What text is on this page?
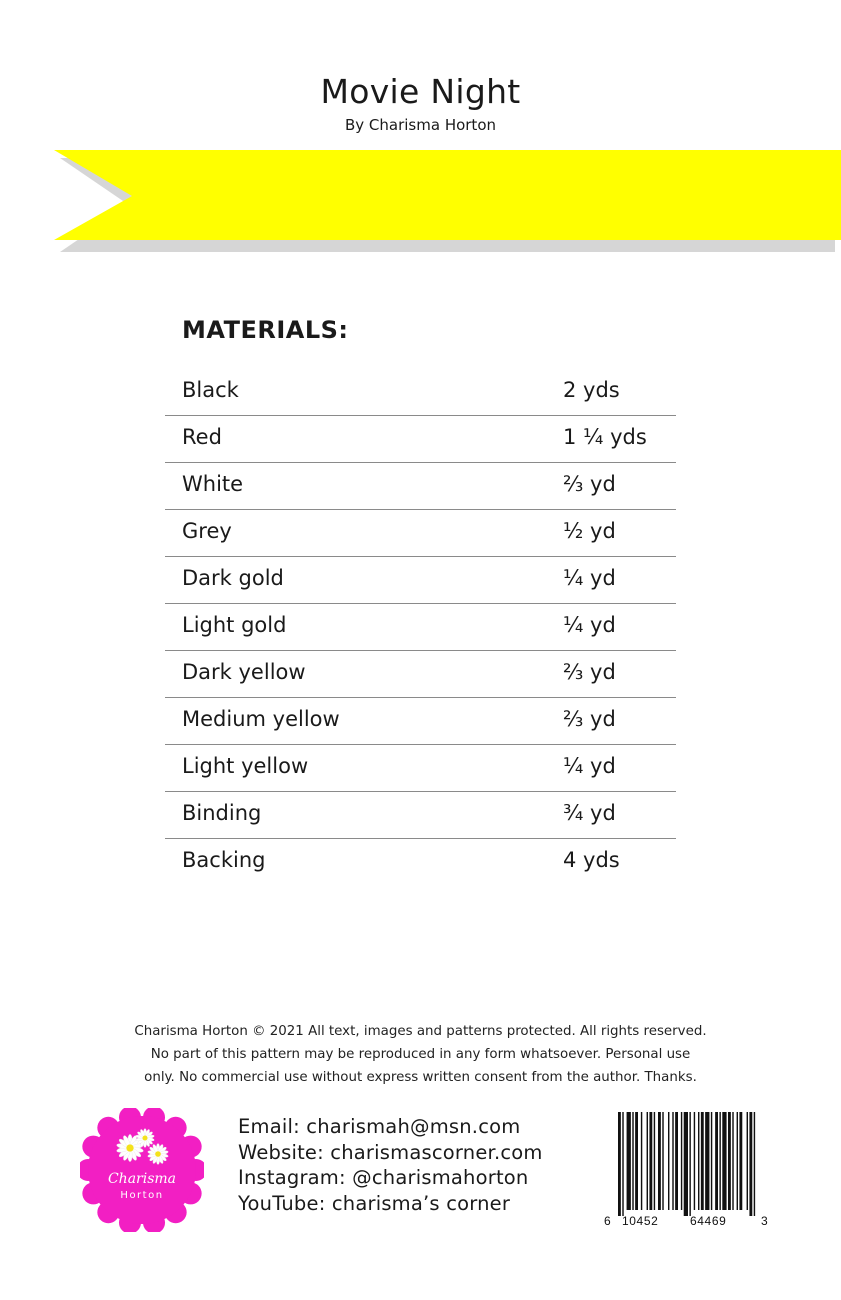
Movie Night
By Charisma Horton
MATERIALS:
Black	2 yds
Red	1 ¼ yds
White	⅔ yd
Grey	½ yd
Dark gold	¼ yd
Light gold	¼ yd
Dark yellow	⅔ yd
Medium yellow	⅔ yd
Light yellow	¼ yd
Binding	¾ yd
Backing	4 yds
Charisma Horton © 2021 All text, images and patterns protected. All rights reserved.
No part of this pattern may be reproduced in any form whatsoever. Personal use
only. No commercial use without express written consent from the author. Thanks.
Charisma
Horton
Email: charismah@msn.com
Website: charismascorner.com
Instagram: @charismahorton
YouTube: charisma’s corner
6 10452	64469	3
